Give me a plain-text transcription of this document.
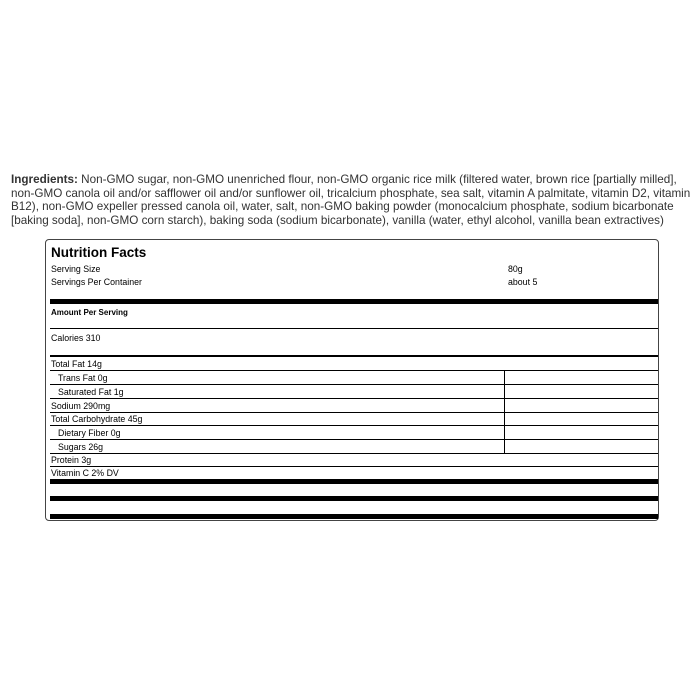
Ingredients: Non-GMO sugar, non-GMO unenriched flour, non-GMO organic rice milk (filtered water, brown rice [partially milled], non-GMO canola oil and/or safflower oil and/or sunflower oil, tricalcium phosphate, sea salt, vitamin A palmitate, vitamin D2, vitamin B12), non-GMO expeller pressed canola oil, water, salt, non-GMO baking powder (monocalcium phosphate, sodium bicarbonate [baking soda], non-GMO corn starch), baking soda (sodium bicarbonate), vanilla (water, ethyl alcohol, vanilla bean extractives)
Nutrition Facts
Serving Size	80g
Servings Per Container	about 5
Amount Per Serving
Calories 310
Total Fat 14g
Trans Fat 0g
Saturated Fat 1g
Sodium 290mg
Total Carbohydrate 45g
Dietary Fiber 0g
Sugars 26g
Protein 3g
Vitamin C 2% DV
